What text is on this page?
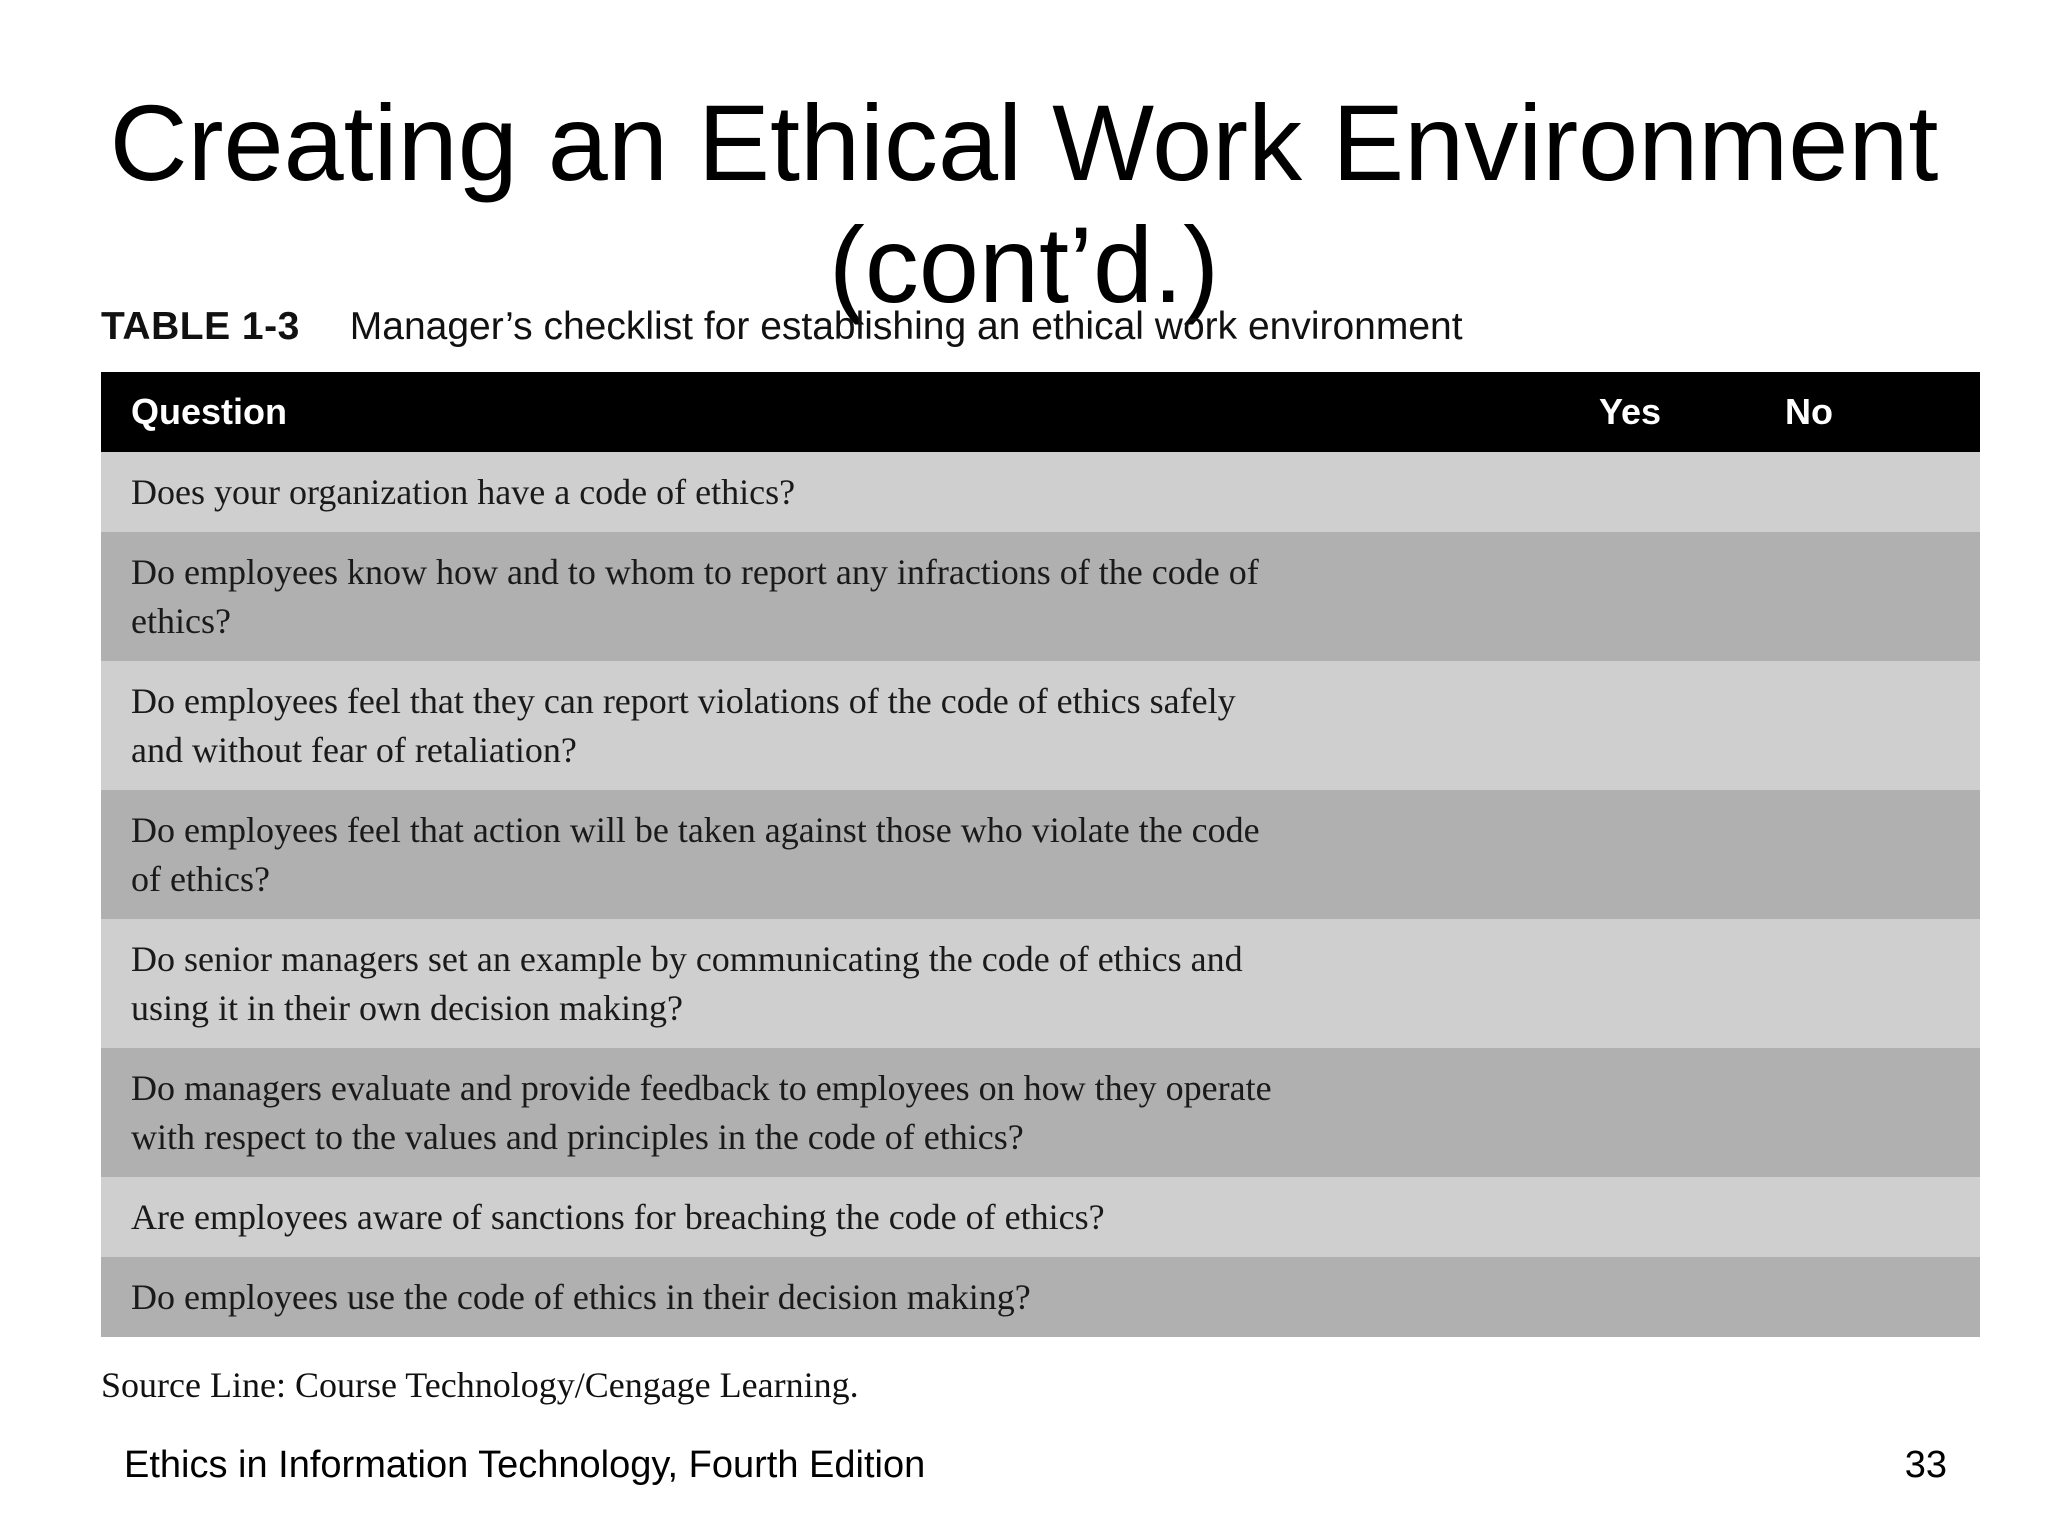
Creating an Ethical Work Environment
(cont’d.)
TABLE 1-3 Manager’s checklist for establishing an ethical work environment
Question	Yes	No
Does your organization have a code of ethics?		
Do employees know how and to whom to report any infractions of the code of ethics?		
Do employees feel that they can report violations of the code of ethics safely and without fear of retaliation?		
Do employees feel that action will be taken against those who violate the code of ethics?		
Do senior managers set an example by communicating the code of ethics and using it in their own decision making?		
Do managers evaluate and provide feedback to employees on how they operate with respect to the values and principles in the code of ethics?		
Are employees aware of sanctions for breaching the code of ethics?		
Do employees use the code of ethics in their decision making?		
Source Line: Course Technology/Cengage Learning.
Ethics in Information Technology, Fourth Edition	33
